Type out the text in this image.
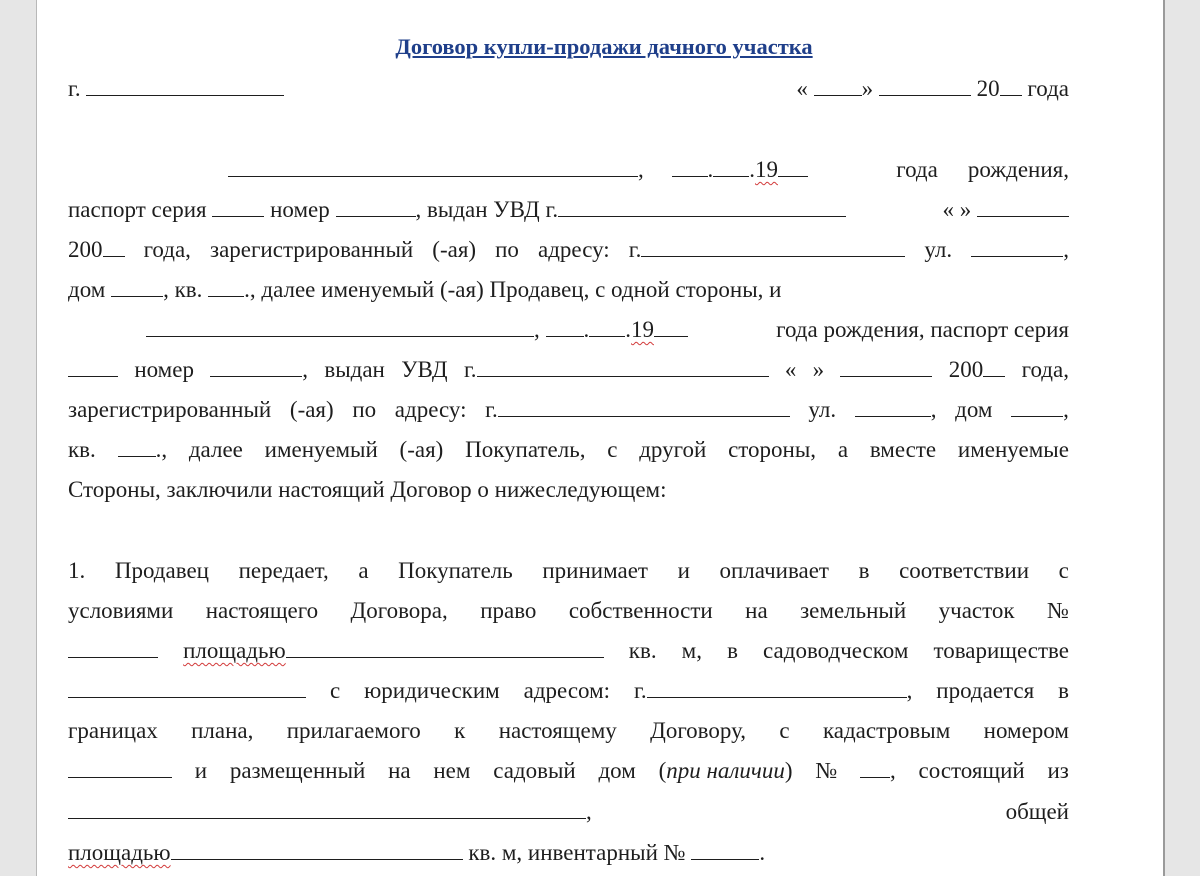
Договор купли-продажи дачного участка
г.	« »	20 года
,	. .19	года рождения,
паспорт серия  номер	, выдан УВД г.	« »
200	года, зарегистрированный (-ая) по адресу: г.	ул.	,
дом , кв. ., далее именуемый (-ая) Продавец, с одной стороны, и
, . .19	года рождения, паспорт серия
номер	, выдан УВД г.	« »	200	года,
зарегистрированный (-ая) по адресу: г.	ул.	, дом	,
кв.	., далее именуемый (-ая) Покупатель, с другой стороны, а вместе именуемые
Стороны, заключили настоящий Договор о нижеследующем:
1. Продавец передает, а Покупатель принимает и оплачивает в соответствии с
условиями настоящего Договора, право собственности на земельный участок №
площадью	кв. м, в садоводческом товариществе
с юридическим адресом: г.	, продается в
границах плана, прилагаемого к настоящему Договору, с кадастровым номером
и размещенный на нем садовый дом (при наличии) №	, состоящий из
,	общей
площадью	кв. м, инвентарный №	.
